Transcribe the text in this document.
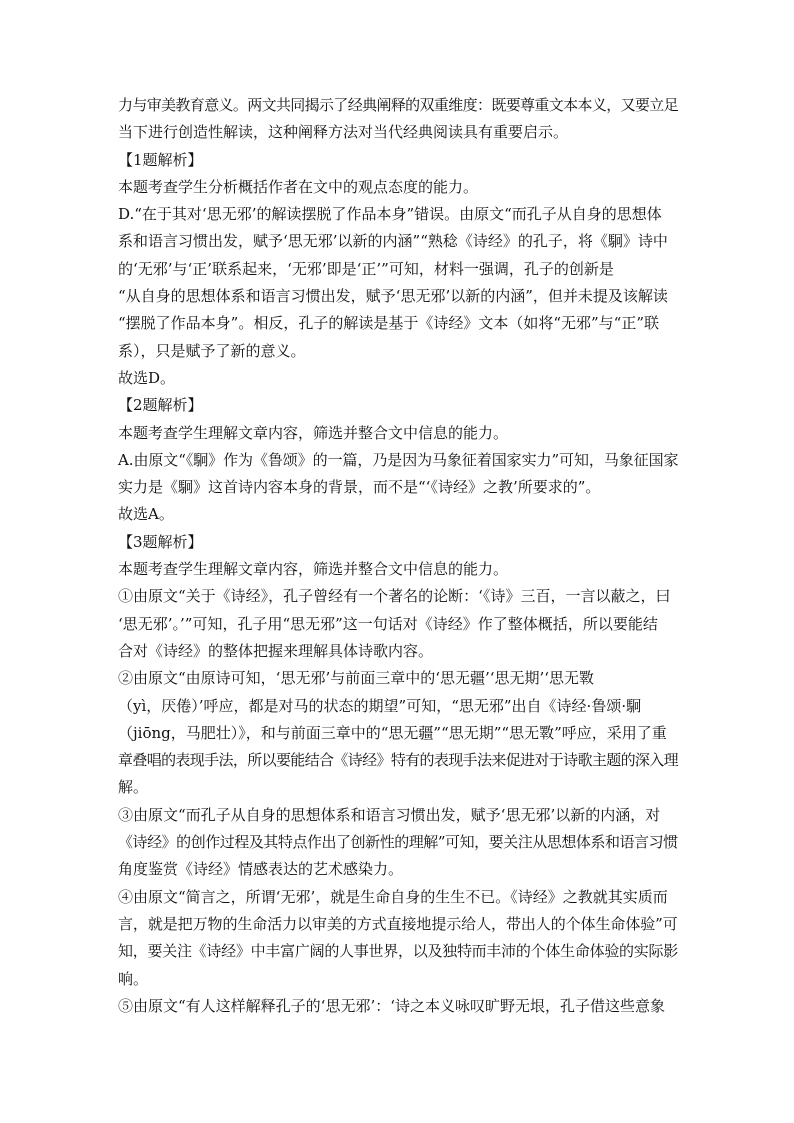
力与审美教育意义。两文共同揭示了经典阐释的双重维度：既要尊重文本本义，又要立足
当下进行创造性解读，这种阐释方法对当代经典阅读具有重要启示。
【1题解析】
本题考查学生分析概括作者在文中的观点态度的能力。
D.“在于其对‘思无邪’的解读摆脱了作品本身”错误。由原文“而孔子从自身的思想体
系和语言习惯出发，赋予‘思无邪’以新的内涵”“熟稔《诗经》的孔子，将《駉》诗中
的‘无邪’与‘正’联系起来，‘无邪’即是‘正’”可知，材料一强调，孔子的创新是
“从自身的思想体系和语言习惯出发，赋予‘思无邪’以新的内涵”，但并未提及该解读
“摆脱了作品本身”。相反，孔子的解读是基于《诗经》文本（如将“无邪”与“正”联
系），只是赋予了新的意义。
故选D。
【2题解析】
本题考查学生理解文章内容，筛选并整合文中信息的能力。
A.由原文“《駉》作为《鲁颂》的一篇，乃是因为马象征着国家实力”可知，马象征国家
实力是《駉》这首诗内容本身的背景，而不是“‘《诗经》之教’所要求的”。
故选A。
【3题解析】
本题考查学生理解文章内容，筛选并整合文中信息的能力。
①由原文“关于《诗经》，孔子曾经有一个著名的论断：‘《诗》三百，一言以蔽之，曰
‘思无邪’。’”可知，孔子用“思无邪”这一句话对《诗经》作了整体概括，所以要能结
合对《诗经》的整体把握来理解具体诗歌内容。
②由原文“由原诗可知，‘思无邪’与前面三章中的‘思无疆’‘思无期’‘思无斁
（yì，厌倦）’呼应，都是对马的状态的期望”可知，“思无邪”出自《诗经·鲁颂·駉
（jiōng，马肥壮）》，和与前面三章中的“思无疆”“思无期”“思无斁”呼应，采用了重
章叠唱的表现手法，所以要能结合《诗经》特有的表现手法来促进对于诗歌主题的深入理
解。
③由原文“而孔子从自身的思想体系和语言习惯出发，赋予‘思无邪’以新的内涵，对
《诗经》的创作过程及其特点作出了创新性的理解”可知，要关注从思想体系和语言习惯
角度鉴赏《诗经》情感表达的艺术感染力。
④由原文“简言之，所谓‘无邪’，就是生命自身的生生不已。《诗经》之教就其实质而
言，就是把万物的生命活力以审美的方式直接地提示给人，带出人的个体生命体验”可
知，要关注《诗经》中丰富广阔的人事世界，以及独特而丰沛的个体生命体验的实际影
响。
⑤由原文“有人这样解释孔子的‘思无邪’：‘诗之本义咏叹旷野无垠，孔子借这些意象
